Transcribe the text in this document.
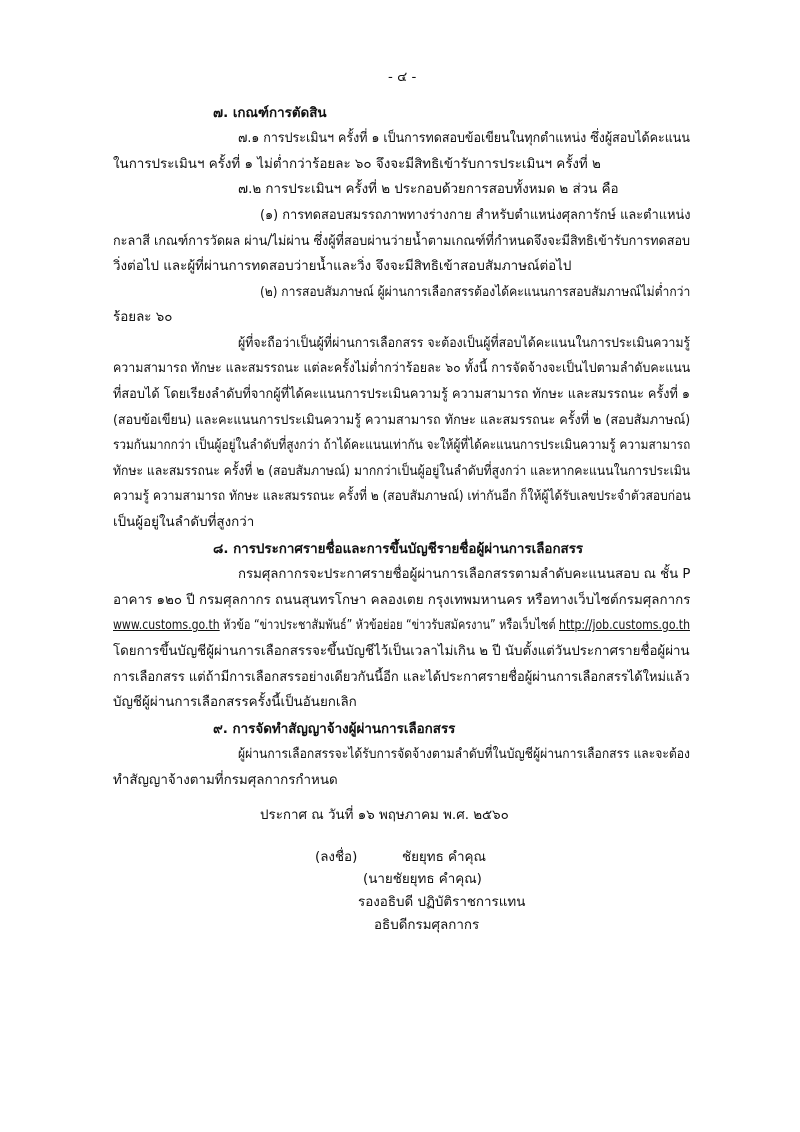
- ๔ -
๗. เกณฑ์การตัดสิน
๗.๑ การประเมินฯ ครั้งที่ ๑ เป็นการทดสอบข้อเขียนในทุกตำแหน่ง ซึ่งผู้สอบได้คะแนน
ในการประเมินฯ ครั้งที่ ๑ ไม่ต่ำกว่าร้อยละ ๖๐ จึงจะมีสิทธิเข้ารับการประเมินฯ ครั้งที่ ๒
๗.๒ การประเมินฯ ครั้งที่ ๒ ประกอบด้วยการสอบทั้งหมด ๒ ส่วน คือ
(๑) การทดสอบสมรรถภาพทางร่างกาย สำหรับตำแหน่งศุลการักษ์ และตำแหน่ง
กะลาสี เกณฑ์การวัดผล ผ่าน/ไม่ผ่าน ซึ่งผู้ที่สอบผ่านว่ายน้ำตามเกณฑ์ที่กำหนดจึงจะมีสิทธิเข้ารับการทดสอบ
วิ่งต่อไป และผู้ที่ผ่านการทดสอบว่ายน้ำและวิ่ง จึงจะมีสิทธิเข้าสอบสัมภาษณ์ต่อไป
(๒) การสอบสัมภาษณ์ ผู้ผ่านการเลือกสรรต้องได้คะแนนการสอบสัมภาษณ์ไม่ต่ำกว่า
ร้อยละ ๖๐
ผู้ที่จะถือว่าเป็นผู้ที่ผ่านการเลือกสรร จะต้องเป็นผู้ที่สอบได้คะแนนในการประเมินความรู้
ความสามารถ ทักษะ และสมรรถนะ แต่ละครั้งไม่ต่ำกว่าร้อยละ ๖๐ ทั้งนี้ การจัดจ้างจะเป็นไปตามลำดับคะแนน
ที่สอบได้ โดยเรียงลำดับที่จากผู้ที่ได้คะแนนการประเมินความรู้ ความสามารถ ทักษะ และสมรรถนะ ครั้งที่ ๑
(สอบข้อเขียน) และคะแนนการประเมินความรู้ ความสามารถ ทักษะ และสมรรถนะ ครั้งที่ ๒ (สอบสัมภาษณ์)
รวมกันมากกว่า เป็นผู้อยู่ในลำดับที่สูงกว่า ถ้าได้คะแนนเท่ากัน จะให้ผู้ที่ได้คะแนนการประเมินความรู้ ความสามารถ
ทักษะ และสมรรถนะ ครั้งที่ ๒ (สอบสัมภาษณ์) มากกว่าเป็นผู้อยู่ในลำดับที่สูงกว่า และหากคะแนนในการประเมิน
ความรู้ ความสามารถ ทักษะ และสมรรถนะ ครั้งที่ ๒ (สอบสัมภาษณ์) เท่ากันอีก ก็ให้ผู้ได้รับเลขประจำตัวสอบก่อน
เป็นผู้อยู่ในลำดับที่สูงกว่า
๘. การประกาศรายชื่อและการขึ้นบัญชีรายชื่อผู้ผ่านการเลือกสรร
กรมศุลกากรจะประกาศรายชื่อผู้ผ่านการเลือกสรรตามลำดับคะแนนสอบ ณ ชั้น P
อาคาร ๑๒๐ ปี กรมศุลกากร ถนนสุนทรโกษา คลองเตย กรุงเทพมหานคร หรือทางเว็บไซต์กรมศุลกากร
www.customs.go.th หัวข้อ “ข่าวประชาสัมพันธ์” หัวข้อย่อย “ข่าวรับสมัครงาน” หรือเว็บไซต์ http://job.customs.go.th
โดยการขึ้นบัญชีผู้ผ่านการเลือกสรรจะขึ้นบัญชีไว้เป็นเวลาไม่เกิน ๒ ปี นับตั้งแต่วันประกาศรายชื่อผู้ผ่าน
การเลือกสรร แต่ถ้ามีการเลือกสรรอย่างเดียวกันนี้อีก และได้ประกาศรายชื่อผู้ผ่านการเลือกสรรได้ใหม่แล้ว
บัญชีผู้ผ่านการเลือกสรรครั้งนี้เป็นอันยกเลิก
๙. การจัดทำสัญญาจ้างผู้ผ่านการเลือกสรร
ผู้ผ่านการเลือกสรรจะได้รับการจัดจ้างตามลำดับที่ในบัญชีผู้ผ่านการเลือกสรร และจะต้อง
ทำสัญญาจ้างตามที่กรมศุลกากรกำหนด
ประกาศ ณ วันที่ ๑๖ พฤษภาคม พ.ศ. ๒๕๖๐
(ลงชื่อ)	ชัยยุทธ คำคุณ
(นายชัยยุทธ คำคุณ)
รองอธิบดี ปฏิบัติราชการแทน
อธิบดีกรมศุลกากร
